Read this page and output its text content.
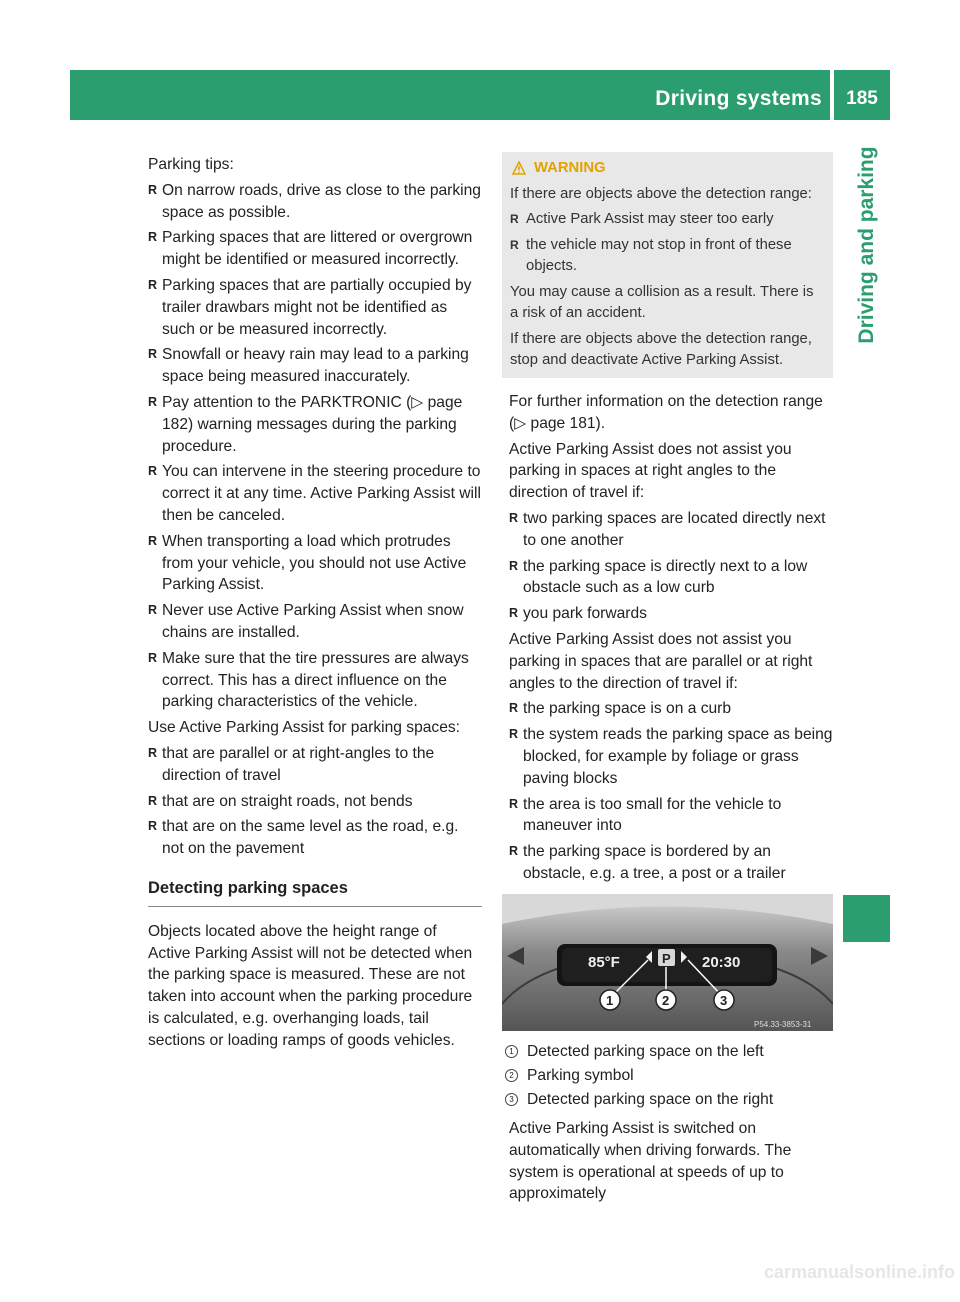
Driving systems	185
Driving and parking

Parking tips:

R On narrow roads, drive as close to the parking space as possible.
R Parking spaces that are littered or overgrown might be identified or measured incorrectly.
R Parking spaces that are partially occupied by trailer drawbars might not be identified as such or be measured incorrectly.
R Snowfall or heavy rain may lead to a parking space being measured inaccurately.
R Pay attention to the PARKTRONIC (▷ page 182) warning messages during the parking procedure.
R You can intervene in the steering procedure to correct it at any time. Active Parking Assist will then be canceled.
R When transporting a load which protrudes from your vehicle, you should not use Active Parking Assist.
R Never use Active Parking Assist when snow chains are installed.
R Make sure that the tire pressures are always correct. This has a direct influence on the parking characteristics of the vehicle.

Use Active Parking Assist for parking spaces:

R that are parallel or at right-angles to the direction of travel
R that are on straight roads, not bends
R that are on the same level as the road, e.g. not on the pavement
Detecting parking spaces

Objects located above the height range of Active Parking Assist will not be detected when the parking space is measured. These are not taken into account when the parking procedure is calculated, e.g. overhanging loads, tail sections or loading ramps of goods vehicles.

WARNING

If there are objects above the detection range:

R Active Park Assist may steer too early
R the vehicle may not stop in front of these objects.

You may cause a collision as a result. There is a risk of an accident.

If there are objects above the detection range, stop and deactivate Active Parking Assist.

For further information on the detection range (▷ page 181).

Active Parking Assist does not assist you parking in spaces at right angles to the direction of travel if:

R two parking spaces are located directly next to one another
R the parking space is directly next to a low obstacle such as a low curb
R you park forwards

Active Parking Assist does not assist you parking in spaces that are parallel or at right angles to the direction of travel if:

R the parking space is on a curb
R the system reads the parking space as being blocked, for example by foliage or grass paving blocks
R the area is too small for the vehicle to maneuver into
R the parking space is bordered by an obstacle, e.g. a tree, a post or a trailer
85°F	20:30
P
1	2	3
P54.33-3853-31
1 Detected parking space on the left
2 Parking symbol
3 Detected parking space on the right
Active Parking Assist is switched on automatically when driving forwards. The system is operational at speeds of up to approximately
carmanualsonline.info
